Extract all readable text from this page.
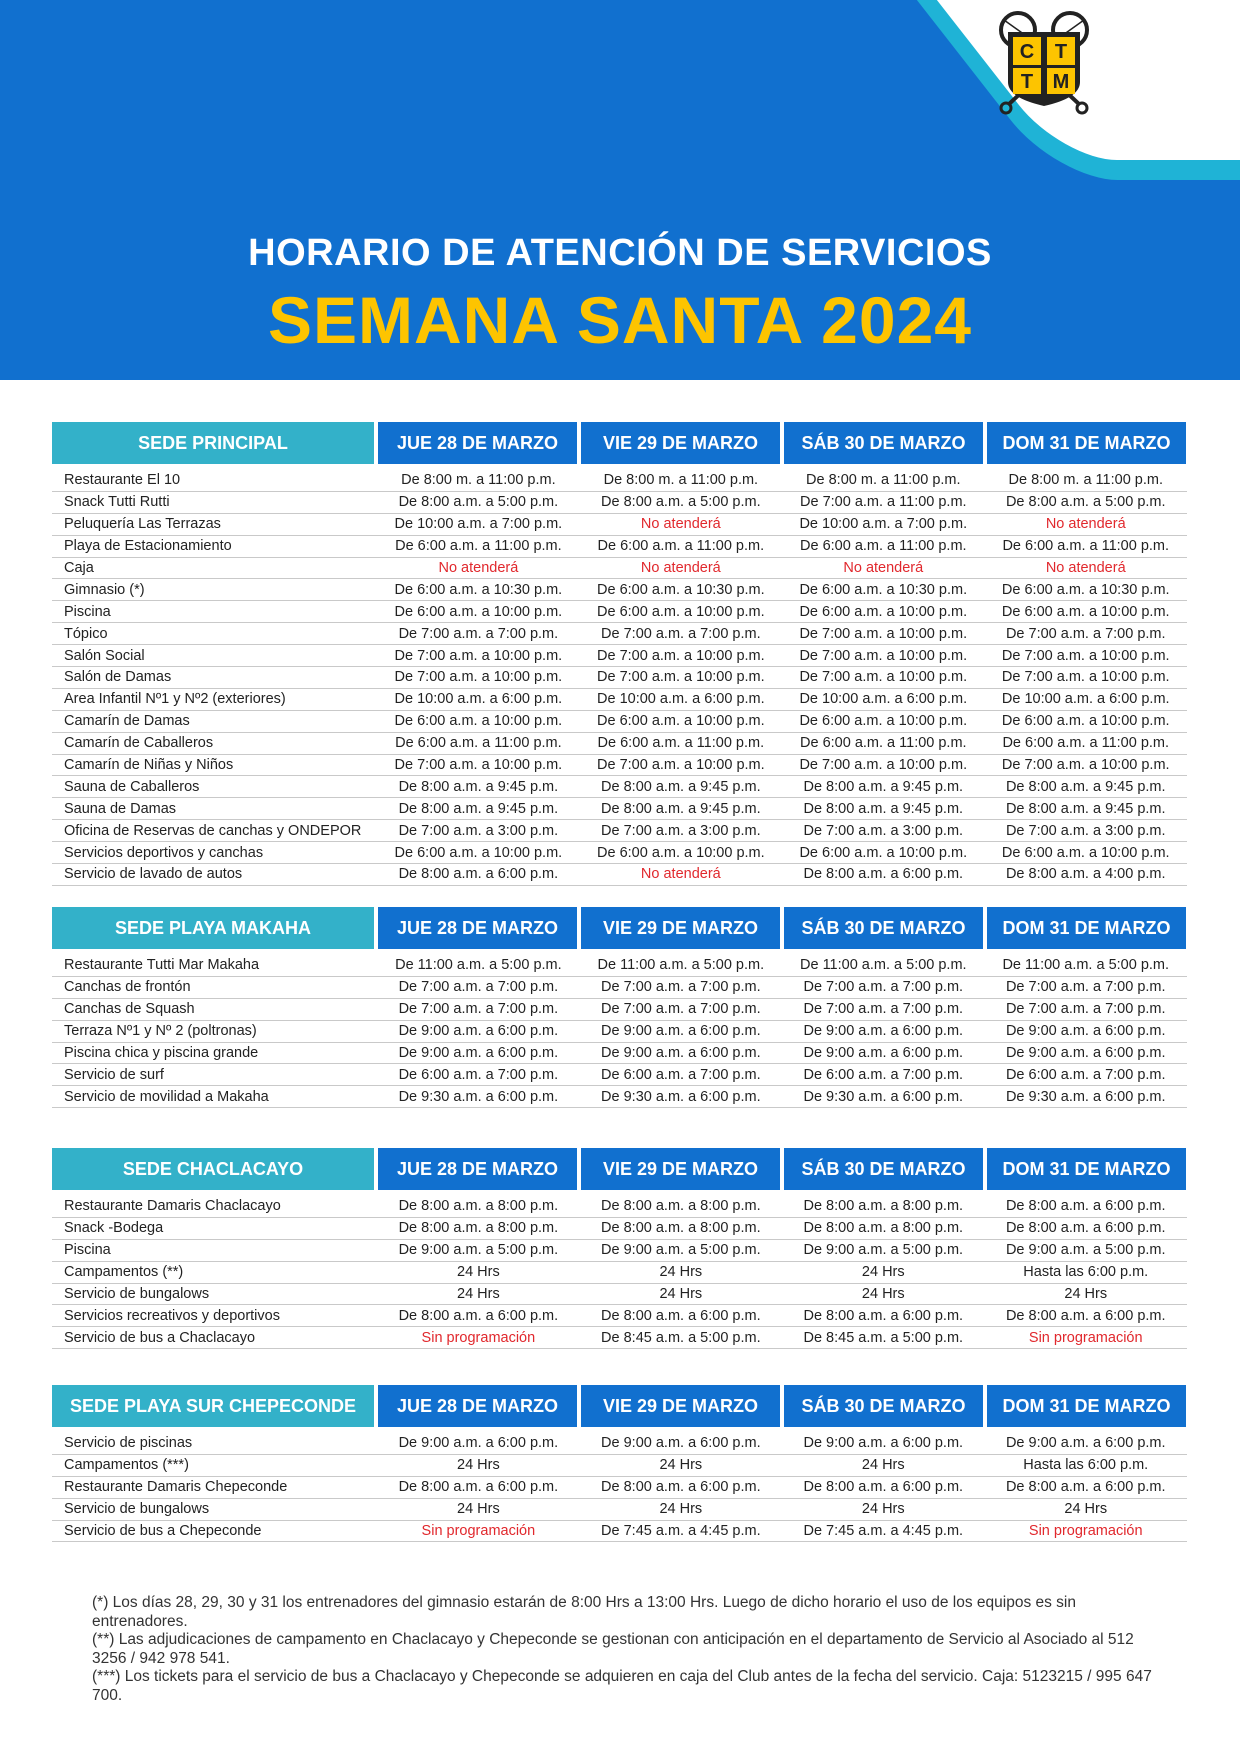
C T
T M
HORARIO DE ATENCIÓN DE SERVICIOS
SEMANA SANTA 2024
SEDE PRINCIPAL	JUE 28 DE MARZO	VIE 29 DE MARZO	SÁB 30 DE MARZO	DOM 31 DE MARZO
Restaurante El 10	De 8:00 m. a 11:00 p.m.	De 8:00 m. a 11:00 p.m.	De 8:00 m. a 11:00 p.m.	De 8:00 m. a 11:00 p.m.
Snack Tutti Rutti	De 8:00 a.m. a 5:00 p.m.	De 8:00 a.m. a 5:00 p.m.	De 7:00 a.m. a 11:00 p.m.	De 8:00 a.m. a 5:00 p.m.
Peluquería Las Terrazas	De 10:00 a.m. a 7:00 p.m.	No atenderá	De 10:00 a.m. a 7:00 p.m.	No atenderá
Playa de Estacionamiento	De 6:00 a.m. a 11:00 p.m.	De 6:00 a.m. a 11:00 p.m.	De 6:00 a.m. a 11:00 p.m.	De 6:00 a.m. a 11:00 p.m.
Caja	No atenderá	No atenderá	No atenderá	No atenderá
Gimnasio (*)	De 6:00 a.m. a 10:30 p.m.	De 6:00 a.m. a 10:30 p.m.	De 6:00 a.m. a 10:30 p.m.	De 6:00 a.m. a 10:30 p.m.
Piscina	De 6:00 a.m. a 10:00 p.m.	De 6:00 a.m. a 10:00 p.m.	De 6:00 a.m. a 10:00 p.m.	De 6:00 a.m. a 10:00 p.m.
Tópico	De 7:00 a.m. a 7:00 p.m.	De 7:00 a.m. a 7:00 p.m.	De 7:00 a.m. a 10:00 p.m.	De 7:00 a.m. a 7:00 p.m.
Salón Social	De 7:00 a.m. a 10:00 p.m.	De 7:00 a.m. a 10:00 p.m.	De 7:00 a.m. a 10:00 p.m.	De 7:00 a.m. a 10:00 p.m.
Salón de Damas	De 7:00 a.m. a 10:00 p.m.	De 7:00 a.m. a 10:00 p.m.	De 7:00 a.m. a 10:00 p.m.	De 7:00 a.m. a 10:00 p.m.
Area Infantil Nº1 y Nº2 (exteriores)	De 10:00 a.m. a 6:00 p.m.	De 10:00 a.m. a 6:00 p.m.	De 10:00 a.m. a 6:00 p.m.	De 10:00 a.m. a 6:00 p.m.
Camarín de Damas	De 6:00 a.m. a 10:00 p.m.	De 6:00 a.m. a 10:00 p.m.	De 6:00 a.m. a 10:00 p.m.	De 6:00 a.m. a 10:00 p.m.
Camarín de Caballeros	De 6:00 a.m. a 11:00 p.m.	De 6:00 a.m. a 11:00 p.m.	De 6:00 a.m. a 11:00 p.m.	De 6:00 a.m. a 11:00 p.m.
Camarín de Niñas y Niños	De 7:00 a.m. a 10:00 p.m.	De 7:00 a.m. a 10:00 p.m.	De 7:00 a.m. a 10:00 p.m.	De 7:00 a.m. a 10:00 p.m.
Sauna de Caballeros	De 8:00 a.m. a 9:45 p.m.	De 8:00 a.m. a 9:45 p.m.	De 8:00 a.m. a 9:45 p.m.	De 8:00 a.m. a 9:45 p.m.
Sauna de Damas	De 8:00 a.m. a 9:45 p.m.	De 8:00 a.m. a 9:45 p.m.	De 8:00 a.m. a 9:45 p.m.	De 8:00 a.m. a 9:45 p.m.
Oficina de Reservas de canchas y ONDEPOR	De 7:00 a.m. a 3:00 p.m.	De 7:00 a.m. a 3:00 p.m.	De 7:00 a.m. a 3:00 p.m.	De 7:00 a.m. a 3:00 p.m.
Servicios deportivos y canchas	De 6:00 a.m. a 10:00 p.m.	De 6:00 a.m. a 10:00 p.m.	De 6:00 a.m. a 10:00 p.m.	De 6:00 a.m. a 10:00 p.m.
Servicio de lavado de autos	De 8:00 a.m. a 6:00 p.m.	No atenderá	De 8:00 a.m. a 6:00 p.m.	De 8:00 a.m. a 4:00 p.m.
SEDE PLAYA MAKAHA	JUE 28 DE MARZO	VIE 29 DE MARZO	SÁB 30 DE MARZO	DOM 31 DE MARZO
Restaurante Tutti Mar Makaha	De 11:00 a.m. a 5:00 p.m.	De 11:00 a.m. a 5:00 p.m.	De 11:00 a.m. a 5:00 p.m.	De 11:00 a.m. a 5:00 p.m.
Canchas de frontón	De 7:00 a.m. a 7:00 p.m.	De 7:00 a.m. a 7:00 p.m.	De 7:00 a.m. a 7:00 p.m.	De 7:00 a.m. a 7:00 p.m.
Canchas de Squash	De 7:00 a.m. a 7:00 p.m.	De 7:00 a.m. a 7:00 p.m.	De 7:00 a.m. a 7:00 p.m.	De 7:00 a.m. a 7:00 p.m.
Terraza Nº1 y Nº 2 (poltronas)	De 9:00 a.m. a 6:00 p.m.	De 9:00 a.m. a 6:00 p.m.	De 9:00 a.m. a 6:00 p.m.	De 9:00 a.m. a 6:00 p.m.
Piscina chica y piscina grande	De 9:00 a.m. a 6:00 p.m.	De 9:00 a.m. a 6:00 p.m.	De 9:00 a.m. a 6:00 p.m.	De 9:00 a.m. a 6:00 p.m.
Servicio de surf	De 6:00 a.m. a 7:00 p.m.	De 6:00 a.m. a 7:00 p.m.	De 6:00 a.m. a 7:00 p.m.	De 6:00 a.m. a 7:00 p.m.
Servicio de movilidad a Makaha	De 9:30 a.m. a 6:00 p.m.	De 9:30 a.m. a 6:00 p.m.	De 9:30 a.m. a 6:00 p.m.	De 9:30 a.m. a 6:00 p.m.
SEDE CHACLACAYO	JUE 28 DE MARZO	VIE 29 DE MARZO	SÁB 30 DE MARZO	DOM 31 DE MARZO
Restaurante Damaris Chaclacayo	De 8:00 a.m. a 8:00 p.m.	De 8:00 a.m. a 8:00 p.m.	De 8:00 a.m. a 8:00 p.m.	De 8:00 a.m. a 6:00 p.m.
Snack -Bodega	De 8:00 a.m. a 8:00 p.m.	De 8:00 a.m. a 8:00 p.m.	De 8:00 a.m. a 8:00 p.m.	De 8:00 a.m. a 6:00 p.m.
Piscina	De 9:00 a.m. a 5:00 p.m.	De 9:00 a.m. a 5:00 p.m.	De 9:00 a.m. a 5:00 p.m.	De 9:00 a.m. a 5:00 p.m.
Campamentos (**)	24 Hrs	24 Hrs	24 Hrs	Hasta las 6:00 p.m.
Servicio de bungalows	24 Hrs	24 Hrs	24 Hrs	24 Hrs
Servicios recreativos y deportivos	De 8:00 a.m. a 6:00 p.m.	De 8:00 a.m. a 6:00 p.m.	De 8:00 a.m. a 6:00 p.m.	De 8:00 a.m. a 6:00 p.m.
Servicio de bus a Chaclacayo	Sin programación	De 8:45 a.m. a 5:00 p.m.	De 8:45 a.m. a 5:00 p.m.	Sin programación
SEDE PLAYA SUR CHEPECONDE	JUE 28 DE MARZO	VIE 29 DE MARZO	SÁB 30 DE MARZO	DOM 31 DE MARZO
Servicio de piscinas	De 9:00 a.m. a 6:00 p.m.	De 9:00 a.m. a 6:00 p.m.	De 9:00 a.m. a 6:00 p.m.	De 9:00 a.m. a 6:00 p.m.
Campamentos (***)	24 Hrs	24 Hrs	24 Hrs	Hasta las 6:00 p.m.
Restaurante Damaris Chepeconde	De 8:00 a.m. a 6:00 p.m.	De 8:00 a.m. a 6:00 p.m.	De 8:00 a.m. a 6:00 p.m.	De 8:00 a.m. a 6:00 p.m.
Servicio de bungalows	24 Hrs	24 Hrs	24 Hrs	24 Hrs
Servicio de bus a Chepeconde	Sin programación	De 7:45 a.m. a 4:45 p.m.	De 7:45 a.m. a 4:45 p.m.	Sin programación

(*) Los días 28, 29, 30 y 31 los entrenadores del gimnasio estarán de 8:00 Hrs a 13:00 Hrs. Luego de dicho horario el uso de los equipos es sin entrenadores.

(**) Las adjudicaciones de campamento en Chaclacayo y Chepeconde se gestionan con anticipación en el departamento de Servicio al Asociado al 512 3256 / 942 978 541.

(***) Los tickets para el servicio de bus a Chaclacayo y Chepeconde se adquieren en caja del Club antes de la fecha del servicio. Caja: 5123215 / 995 647 700.
